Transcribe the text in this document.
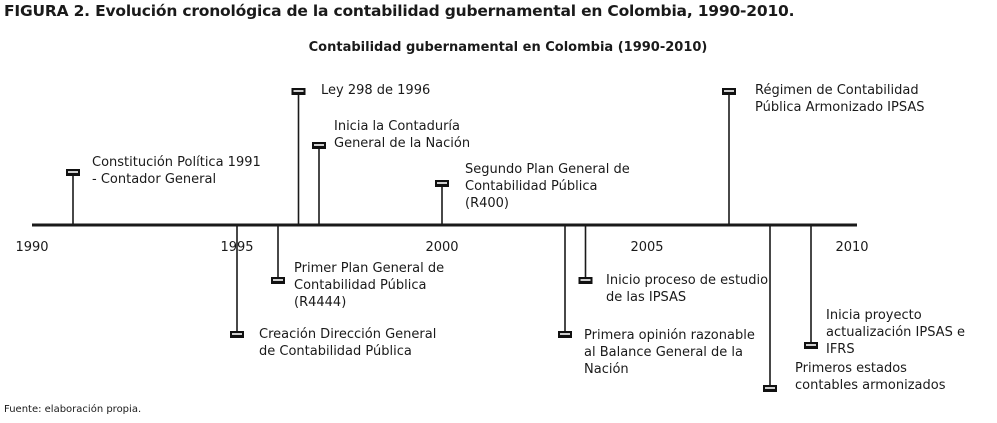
FIGURA 2. Evolución cronológica de la contabilidad gubernamental en Colombia, 1990-2010.
Contabilidad gubernamental en Colombia (1990-2010)
1990	1995	2000	2005	2010
Constitución Política 1991
- Contador General
Ley 298 de 1996
Inicia la Contaduría
General de la Nación
Segundo Plan General de
Contabilidad Pública
(R400)
Régimen de Contabilidad
Pública Armonizado IPSAS
Creación Dirección General
de Contabilidad Pública
Primer Plan General de
Contabilidad Pública
(R4444)
Primera opinión razonable
al Balance General de la
Nación
Inicio proceso de estudio
de las IPSAS
Primeros estados
contables armonizados
Inicia proyecto
actualización IPSAS e IFRS
Fuente: elaboración propia.
